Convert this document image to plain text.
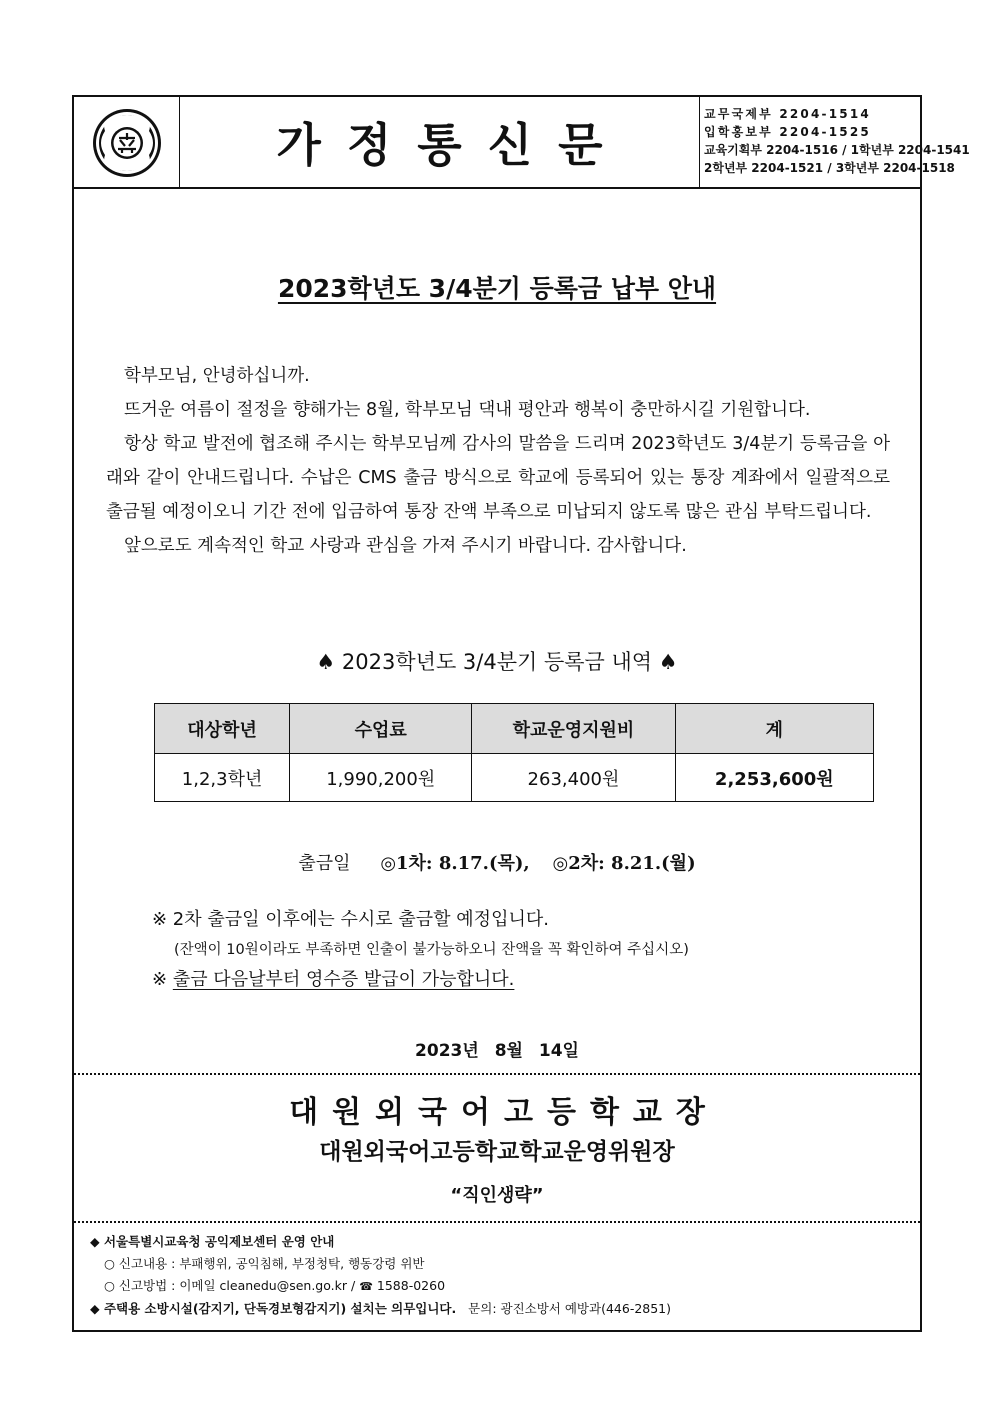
가정통신문
교무국제부 2204-1514
입학홍보부 2204-1525
교육기획부 2204-1516 / 1학년부 2204-1541
2학년부 2204-1521 / 3학년부 2204-1518
2023학년도 3/4분기 등록금 납부 안내

학부모님, 안녕하십니까.

뜨거운 여름이 절정을 향해가는 8월, 학부모님 댁내 평안과 행복이 충만하시길 기원합니다.

항상 학교 발전에 협조해 주시는 학부모님께 감사의 말씀을 드리며 2023학년도 3/4분기 등록금을 아래와 같이 안내드립니다. 수납은 CMS 출금 방식으로 학교에 등록되어 있는 통장 계좌에서 일괄적으로 출금될 예정이오니 기간 전에 입금하여 통장 잔액 부족으로 미납되지 않도록 많은 관심 부탁드립니다.

앞으로도 계속적인 학교 사랑과 관심을 가져 주시기 바랍니다. 감사합니다.

♠ 2023학년도 3/4분기 등록금 내역 ♠
대상학년	수업료	학교운영지원비	계
1,2,3학년	1,990,200원	263,400원	2,253,600원
출금일 ◎1차: 8.17.(목), ◎2차: 8.21.(월)
※ 2차 출금일 이후에는 수시로 출금할 예정입니다.
(잔액이 10원이라도 부족하면 인출이 불가능하오니 잔액을 꼭 확인하여 주십시오)
※ 출금 다음날부터 영수증 발급이 가능합니다.
2023년 8월 14일
대원외국어고등학교장
대원외국어고등학교학교운영위원장
“직인생략”
◆ 서울특별시교육청 공익제보센터 운영 안내
○ 신고내용 : 부패행위, 공익침해, 부정청탁, 행동강령 위반
○ 신고방법 : 이메일 cleanedu@sen.go.kr / ☎ 1588-0260
◆ 주택용 소방시설(감지기, 단독경보형감지기) 설치는 의무입니다. 문의: 광진소방서 예방과(446-2851)
